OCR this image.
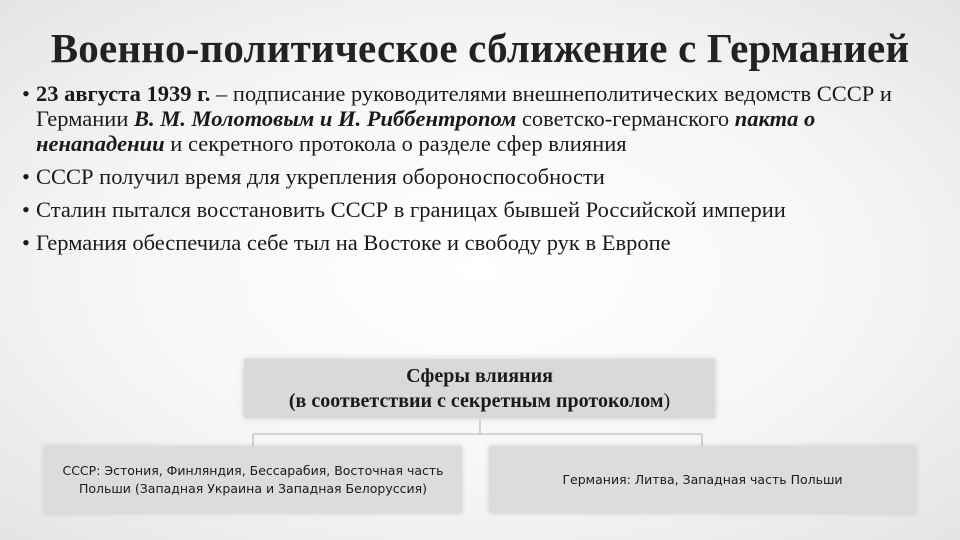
Военно-политическое сближение с Германией
• 23 августа 1939 г. – подписание руководителями внешнеполитических ведомств СССР и Германии В. М. Молотовым и И. Риббентропом советско-германского пакта о ненападении и секретного протокола о разделе сфер влияния
• СССР получил время для укрепления обороноспособности
• Сталин пытался восстановить СССР в границах бывшей Российской империи
• Германия обеспечила себе тыл на Востоке и свободу рук в Европе
Сферы влияния
(в соответствии с секретным протоколом)
СССР: Эстония, Финляндия, Бессарабия, Восточная часть Польши (Западная Украина и Западная Белоруссия)
Германия: Литва, Западная часть Польши
